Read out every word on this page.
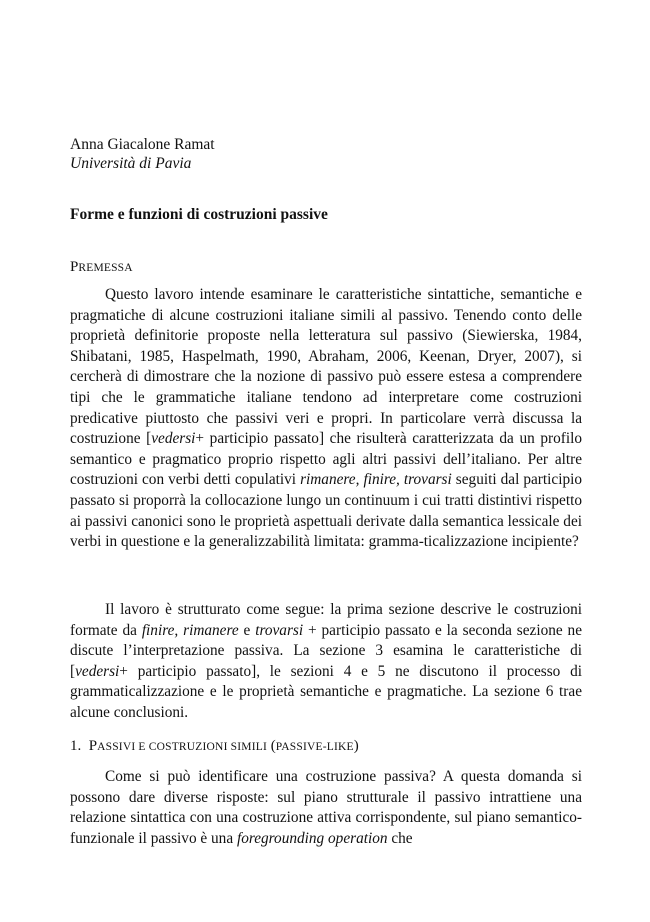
Anna Giacalone Ramat
Università di Pavia
Forme e funzioni di costruzioni passive
PREMESSA

Questo lavoro intende esaminare le caratteristiche sintattiche, semantiche e pragmatiche di alcune costruzioni italiane simili al passivo. Tenendo conto delle proprietà definitorie proposte nella letteratura sul passivo (Siewierska, 1984, Shibatani, 1985, Haspelmath, 1990, Abraham, 2006, Keenan, Dryer, 2007), si cercherà di dimostrare che la nozione di passivo può essere estesa a comprendere tipi che le grammatiche italiane tendono ad interpretare come costruzioni predicative piuttosto che passivi veri e propri. In particolare verrà discussa la costruzione [vedersi+ participio passato] che risulterà caratterizzata da un profilo semantico e pragmatico proprio rispetto agli altri passivi dell’italiano. Per altre costruzioni con verbi detti copulativi rimanere, finire, trovarsi seguiti dal participio passato si proporrà la collocazione lungo un continuum i cui tratti distintivi rispetto ai passivi canonici sono le proprietà aspettuali derivate dalla semantica lessicale dei verbi in questione e la generalizzabilità limitata: gramma-ticalizzazione incipiente?

Il lavoro è strutturato come segue: la prima sezione descrive le costruzioni formate da finire, rimanere e trovarsi + participio passato e la seconda sezione ne discute l’interpretazione passiva. La sezione 3 esamina le caratteristiche di [vedersi+ participio passato], le sezioni 4 e 5 ne discutono il processo di grammaticalizzazione e le proprietà semantiche e pragmatiche. La sezione 6 trae alcune conclusioni.

1. PASSIVI E COSTRUZIONI SIMILI (PASSIVE-LIKE)

Come si può identificare una costruzione passiva? A questa domanda si possono dare diverse risposte: sul piano strutturale il passivo intrattiene una relazione sintattica con una costruzione attiva corrispondente, sul piano semantico-funzionale il passivo è una foregrounding operation che
